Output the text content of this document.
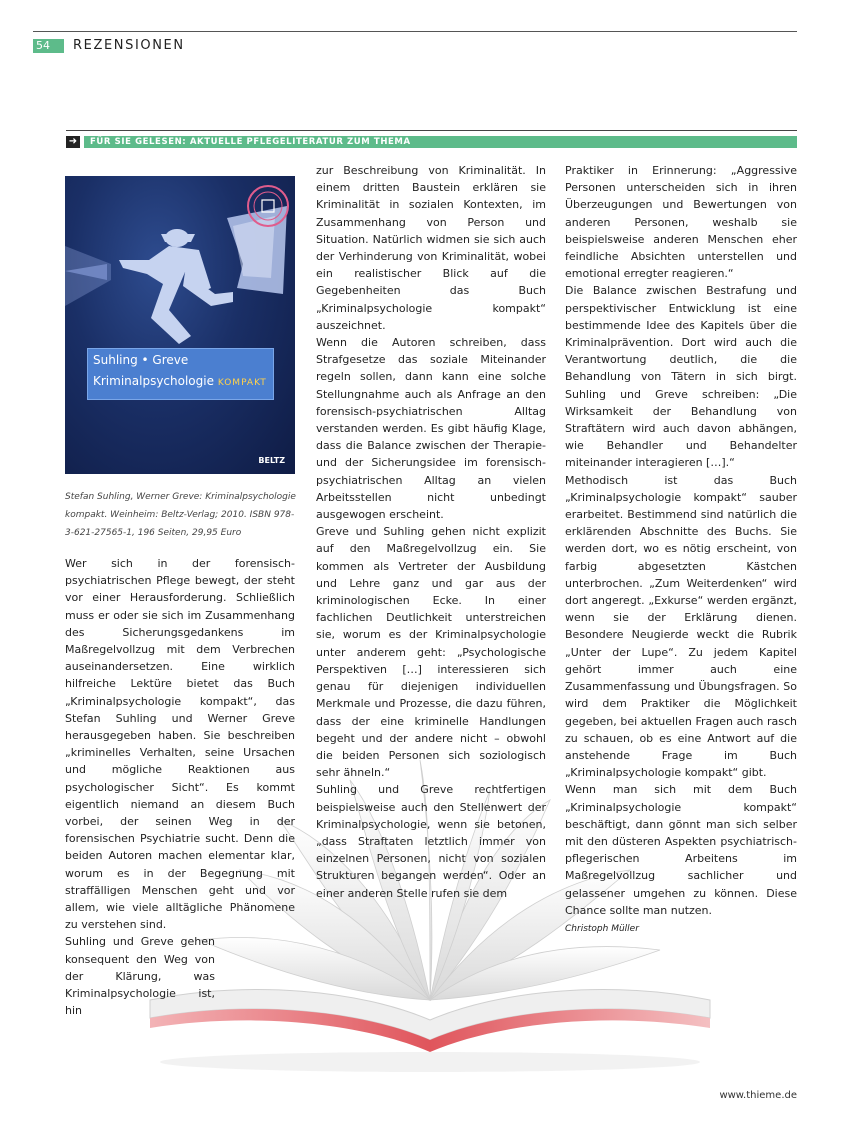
54	REZENSIONEN
➜	FÜR SIE GELESEN: AKTUELLE PFLEGELITERATUR ZUM THEMA
Suhling • Greve
Kriminalpsychologie KOMPAKT
BELTZ
Stefan Suhling, Werner Greve: Kriminalpsychologie kompakt. Weinheim: Beltz-Verlag; 2010. ISBN 978-3-621-27565-1, 196 Seiten, 29,95 Euro

Wer sich in der forensisch-psychiatrischen Pflege bewegt, der steht vor einer Herausforderung. Schließlich muss er oder sie sich im Zusammenhang des Sicherungsgedankens im Maßregelvollzug mit dem Verbrechen auseinandersetzen. Eine wirklich hilfreiche Lektüre bietet das Buch „Kriminalpsychologie kompakt“, das Stefan Suhling und Werner Greve herausgegeben haben. Sie beschreiben „kriminelles Verhalten, seine Ursachen und mögliche Reaktionen aus psychologischer Sicht“. Es kommt eigentlich niemand an diesem Buch vorbei, der seinen Weg in der forensischen Psychiatrie sucht. Denn die beiden Autoren machen elementar klar, worum es in der Begegnung mit straffälligen Menschen geht und vor allem, wie viele alltägliche Phänomene zu verstehen sind.

Suhling und Greve gehen konsequent den Weg von der Klärung, was Kriminalpsychologie ist, hin

zur Beschreibung von Kriminalität. In einem dritten Baustein erklären sie Kriminalität in sozialen Kontexten, im Zusammenhang von Person und Situation. Natürlich widmen sie sich auch der Verhinderung von Kriminalität, wobei ein realistischer Blick auf die Gegebenheiten das Buch „Kriminalpsychologie kompakt“ auszeichnet.

Wenn die Autoren schreiben, dass Strafgesetze das soziale Miteinander regeln sollen, dann kann eine solche Stellungnahme auch als Anfrage an den forensisch-psychiatrischen Alltag verstanden werden. Es gibt häufig Klage, dass die Balance zwischen der Therapie- und der Sicherungsidee im forensisch-psychiatrischen Alltag an vielen Arbeitsstellen nicht unbedingt ausgewogen erscheint.

Greve und Suhling gehen nicht explizit auf den Maßregelvollzug ein. Sie kommen als Vertreter der Ausbildung und Lehre ganz und gar aus der kriminologischen Ecke. In einer fachlichen Deutlichkeit unterstreichen sie, worum es der Kriminalpsychologie unter anderem geht: „Psychologische Perspektiven […] interessieren sich genau für diejenigen individuellen Merkmale und Prozesse, die dazu führen, dass der eine kriminelle Handlungen begeht und der andere nicht – obwohl die beiden Personen sich soziologisch sehr ähneln.“

Suhling und Greve rechtfertigen beispielsweise auch den Stellenwert der Kriminalpsychologie, wenn sie betonen, „dass Straftaten letztlich immer von einzelnen Personen, nicht von sozialen Strukturen begangen werden“. Oder an einer anderen Stelle rufen sie dem

Praktiker in Erinnerung: „Aggressive Personen unterscheiden sich in ihren Überzeugungen und Bewertungen von anderen Personen, weshalb sie beispielsweise anderen Menschen eher feindliche Absichten unterstellen und emotional erregter reagieren.“

Die Balance zwischen Bestrafung und perspektivischer Entwicklung ist eine bestimmende Idee des Kapitels über die Kriminalprävention. Dort wird auch die Verantwortung deutlich, die die Behandlung von Tätern in sich birgt. Suhling und Greve schreiben: „Die Wirksamkeit der Behandlung von Straftätern wird auch davon abhängen, wie Behandler und Behandelter miteinander interagieren […].“

Methodisch ist das Buch „Kriminalpsychologie kompakt“ sauber erarbeitet. Bestimmend sind natürlich die erklärenden Abschnitte des Buchs. Sie werden dort, wo es nötig erscheint, von farbig abgesetzten Kästchen unterbrochen. „Zum Weiterdenken“ wird dort angeregt. „Exkurse“ werden ergänzt, wenn sie der Erklärung dienen. Besondere Neugierde weckt die Rubrik „Unter der Lupe“. Zu jedem Kapitel gehört immer auch eine Zusammenfassung und Übungsfragen. So wird dem Praktiker die Möglichkeit gegeben, bei aktuellen Fragen auch rasch zu schauen, ob es eine Antwort auf die anstehende Frage im Buch „Kriminalpsychologie kompakt“ gibt.

Wenn man sich mit dem Buch „Kriminalpsychologie kompakt“ beschäftigt, dann gönnt man sich selber mit den düsteren Aspekten psychiatrisch-pflegerischen Arbeitens im Maßregelvollzug sachlicher und gelassener umgehen zu können. Diese Chance sollte man nutzen.

Christoph Müller
www.thieme.de
